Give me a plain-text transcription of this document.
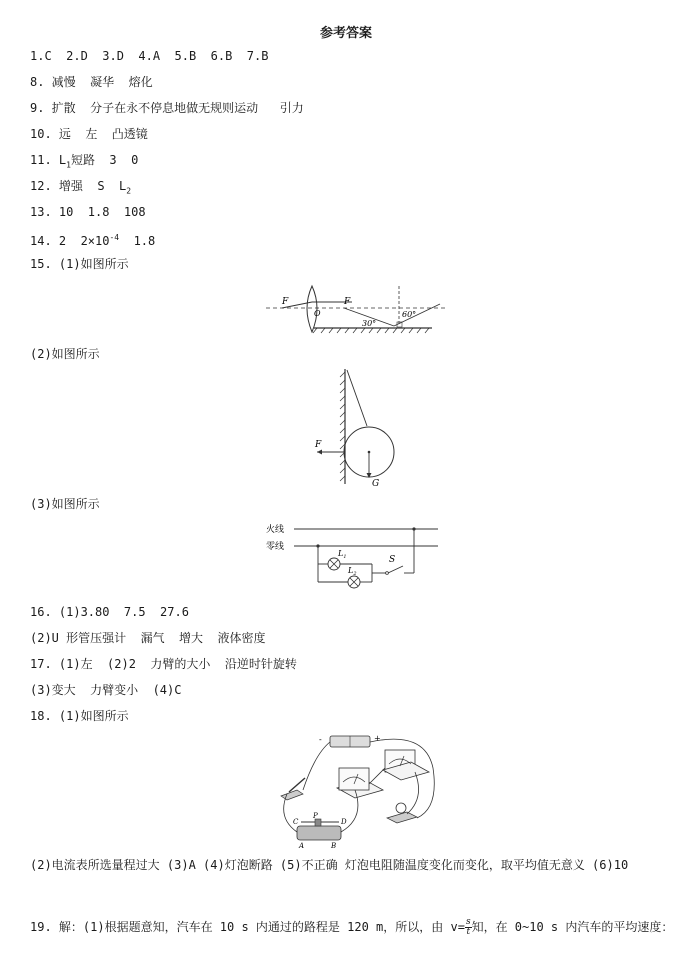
参考答案
1.C  2.D  3.D  4.A  5.B  6.B  7.B
8. 减慢  凝华  熔化
9. 扩散  分子在永不停息地做无规则运动   引力
10. 远  左  凸透镜
11. $L_1$短路  3  0
12. 增强  S  $L_2$
13. 10  1.8  108
14. 2  $2\times 10^{-4}$  1.8
15. (1)如图所示
F	F
O
30°
60°
(2)如图所示
F
G
(3)如图所示
火线
零线
$L_1$
$L_2$
S
16. (1)3.80  7.5  27.6
(2)U 形管压强计  漏气  增大  液体密度
17. (1)左  (2)2  力臂的大小  沿逆时针旋转
(3)变大  力臂变小  (4)C
18. (1)如图所示
-	+
P
A	B
C	D
(2)电流表所选量程过大 (3)A (4)灯泡断路 (5)不正确 灯泡电阻随温度变化而变化，取平均值无意义 (6)10
19. 解：(1)根据题意知，汽车在 10 s 内通过的路程是 120 m，所以，由 $v= \frac{s}{t}$ 知，在 0~10 s 内汽车的平均速度：
